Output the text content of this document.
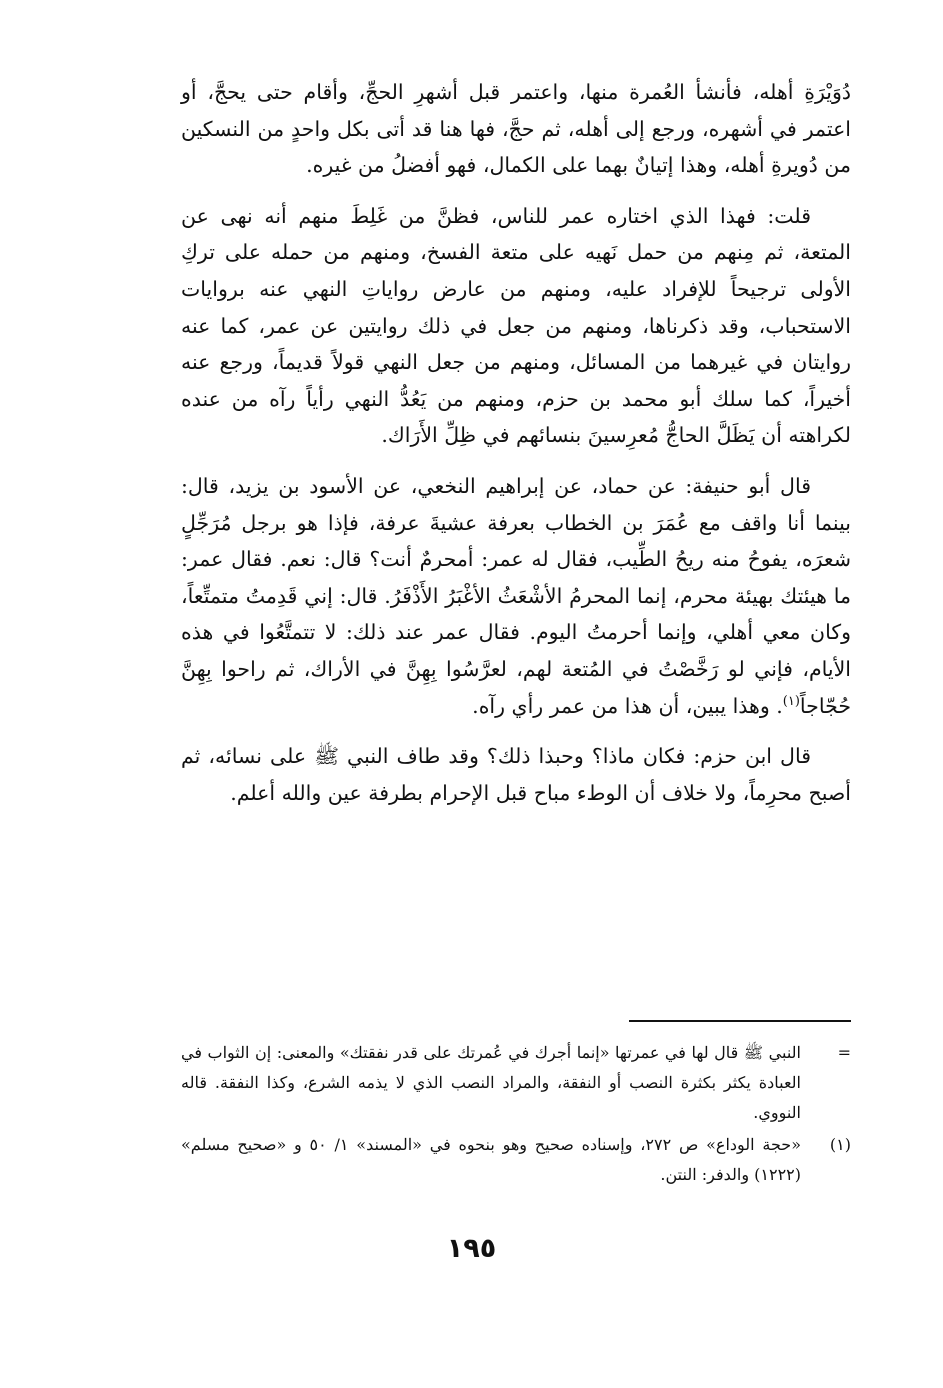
دُوَيْرَةِ أهله، فأنشأ العُمرة منها، واعتمر قبل أشهرِ الحجِّ، وأقام حتى يحجَّ، أو اعتمر في أشهره، ورجع إلى أهله، ثم حجَّ، فها هنا قد أتى بكل واحدٍ من النسكين من دُويرةِ أهله، وهذا إتيانٌ بهما على الكمال، فهو أفضلُ من غيره.

قلت: فهذا الذي اختاره عمر للناس، فظنَّ من غَلِطَ منهم أنه نهى عن المتعة، ثم مِنهم من حمل نَهيه على متعة الفسخ، ومنهم من حمله على تركِ الأولى ترجيحاً للإفراد عليه، ومنهم من عارض رواياتِ النهي عنه بروايات الاستحباب، وقد ذكرناها، ومنهم من جعل في ذلك روايتين عن عمر، كما عنه روايتان في غيرهما من المسائل، ومنهم من جعل النهي قولاً قديماً، ورجع عنه أخيراً، كما سلك أبو محمد بن حزم، ومنهم من يَعُدُّ النهي رأياً رآه من عنده لكراهته أن يَظَلَّ الحاجُّ مُعرِسينَ بنسائهم في ظِلِّ الأَرَاك.

قال أبو حنيفة: عن حماد، عن إبراهيم النخعي، عن الأسود بن يزيد، قال: بينما أنا واقف مع عُمَرَ بن الخطاب بعرفة عشيةَ عرفة، فإذا هو برجل مُرَجِّلٍ شعرَه، يفوحُ منه ريحُ الطِّيب، فقال له عمر: أمحرمٌ أنت؟ قال: نعم. فقال عمر: ما هيئتك بهيئة محرم، إنما المحرمُ الأشْعَثُ الأغْبَرُ الأَذْفَرُ. قال: إني قَدِمتُ متمتِّعاً، وكان معي أهلي، وإنما أحرمتُ اليوم. فقال عمر عند ذلك: لا تتمتَّعُوا في هذه الأيام، فإني لو رَخَّصْتُ في المُتعة لهم، لعرَّسُوا بِهِنَّ في الأراك، ثم راحوا بِهِنَّ حُجّاجاً$^{(١)}$. وهذا يبين، أن هذا من عمر رأي رآه.

قال ابن حزم: فكان ماذا؟ وحبذا ذلك؟ وقد طاف النبي ﷺ على نسائه، ثم أصبح محرِماً، ولا خلاف أن الوطء مباح قبل الإحرام بطرفة عين والله أعلم.

=
النبي ﷺ قال لها في عمرتها «إنما أجرك في عُمرتك على قدر نفقتك» والمعنى: إن الثواب في العبادة يكثر بكثرة النصب أو النفقة، والمراد النصب الذي لا يذمه الشرع، وكذا النفقة. قاله النووي.
(١)
«حجة الوداع» ص ٢٧٢، وإسناده صحيح وهو بنحوه في «المسند» ١/ ٥٠ و «صحيح مسلم» (١٢٢٢) والدفر: النتن.
١٩٥
